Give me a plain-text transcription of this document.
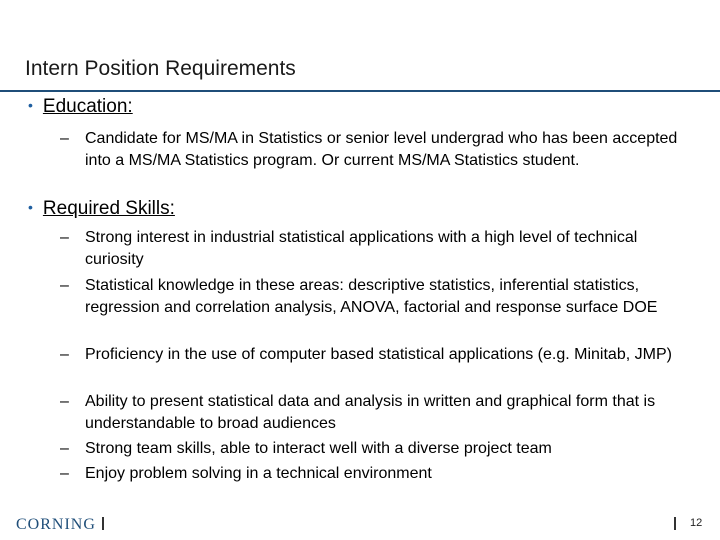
Intern Position Requirements
• Education:
–	Candidate for MS/MA in Statistics or senior level undergrad who has been accepted into a MS/MA Statistics program. Or current MS/MA Statistics student.
• Required Skills:
–	Strong interest in industrial statistical applications with a high level of technical curiosity
–	Statistical knowledge in these areas: descriptive statistics, inferential statistics, regression and correlation analysis, ANOVA, factorial and response surface DOE
–	Proficiency in the use of computer based statistical applications (e.g. Minitab, JMP)
–	Ability to present statistical data and analysis in written and graphical form that is understandable to broad audiences
–	Strong team skills, able to interact well with a diverse project team
–	Enjoy problem solving in a technical environment
CORNING	12
